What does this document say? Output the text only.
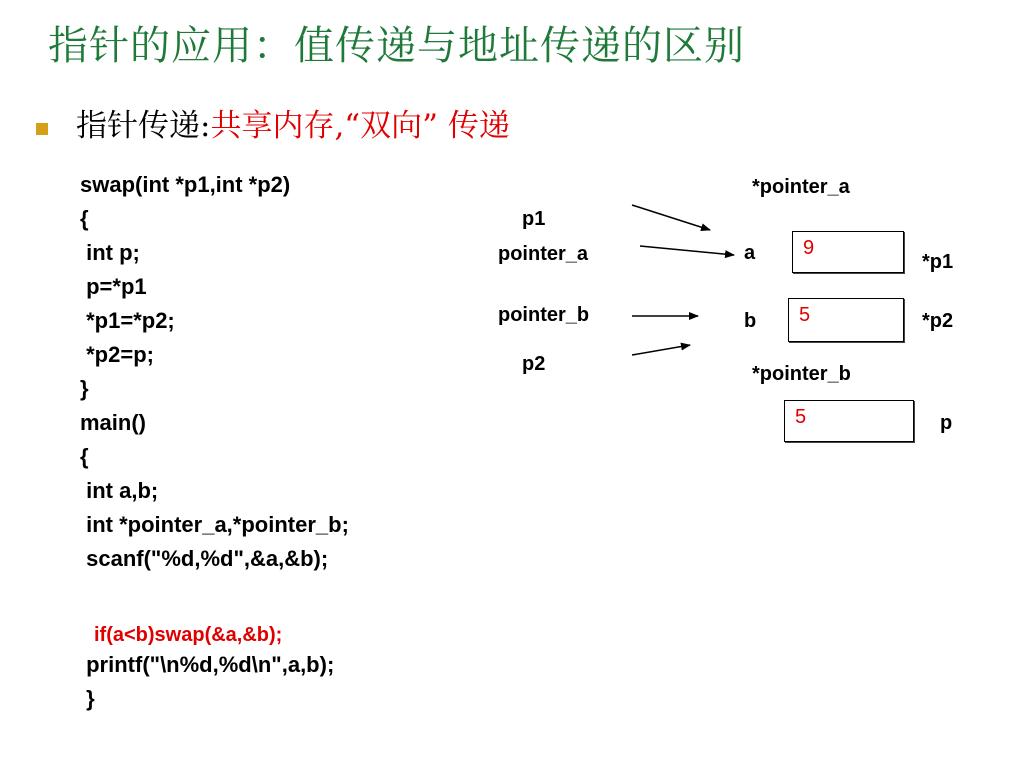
指针的应用：值传递与地址传递的区别
指针传递:共享内存,“双向” 传递
swap(int *p1,int *p2)
{
int p;
p=*p1
*p1=*p2;
*p2=p;
}
main()
{
int a,b;
int *pointer_a,*pointer_b;
scanf("%d,%d",&a,&b);
if(a<b)swap(&a,&b);
printf("\n%d,%d\n",a,b);
}
*pointer_a
p1
pointer_a
pointer_b
p2	*pointer_b
a
b
*p1
*p2
p
9
5
5
